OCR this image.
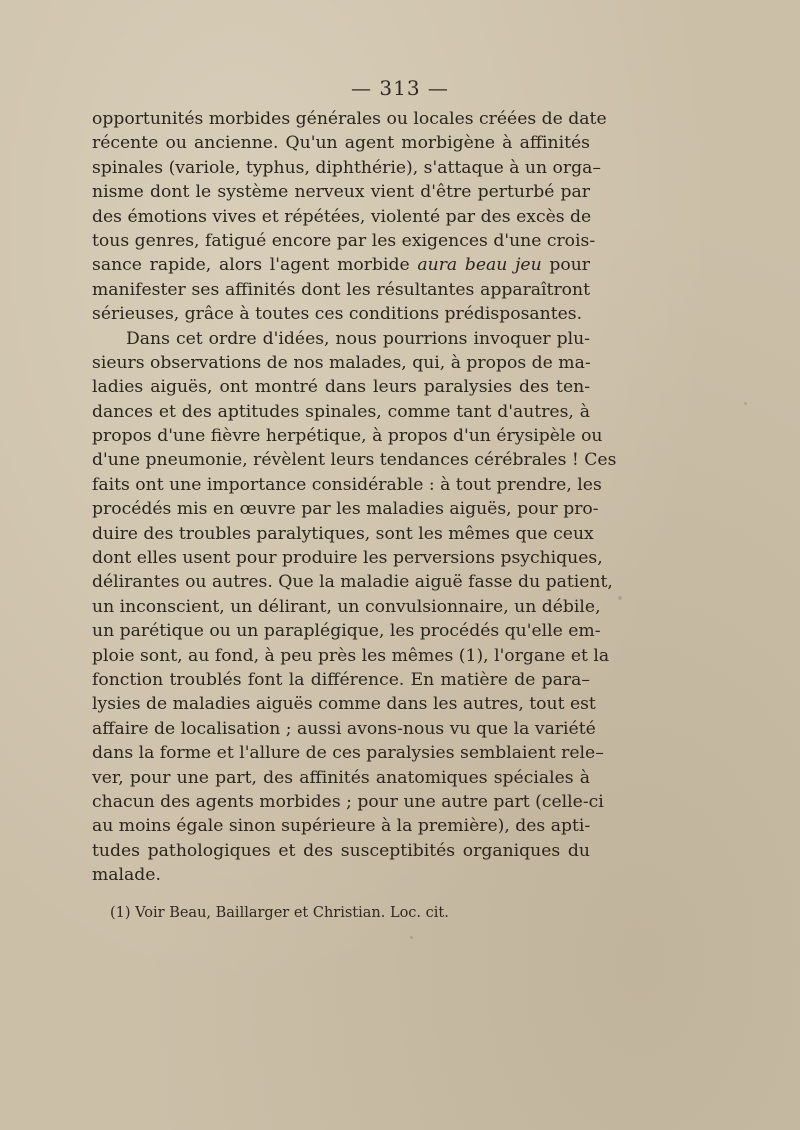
— 313 —
opportunités morbides générales ou locales créées de date
récente ou ancienne. Qu'un agent morbigène à affinités
spinales (variole, typhus, diphthérie), s'attaque à un orga–
nisme dont le système nerveux vient d'être perturbé par
des émotions vives et répétées, violenté par des excès de
tous genres, fatigué encore par les exigences d'une crois-
sance rapide, alors l'agent morbide aura beau jeu pour
manifester ses affinités dont les résultantes apparaîtront
sérieuses, grâce à toutes ces conditions prédisposantes.
Dans cet ordre d'idées, nous pourrions invoquer plu-
sieurs observations de nos malades, qui, à propos de ma-
ladies aiguës, ont montré dans leurs paralysies des ten-
dances et des aptitudes spinales, comme tant d'autres, à
propos d'une fièvre herpétique, à propos d'un érysipèle ou
d'une pneumonie, révèlent leurs tendances cérébrales ! Ces
faits ont une importance considérable : à tout prendre, les
procédés mis en œuvre par les maladies aiguës, pour pro-
duire des troubles paralytiques, sont les mêmes que ceux
dont elles usent pour produire les perversions psychiques,
délirantes ou autres. Que la maladie aiguë fasse du patient,
un inconscient, un délirant, un convulsionnaire, un débile,
un parétique ou un paraplégique, les procédés qu'elle em-
ploie sont, au fond, à peu près les mêmes (1), l'organe et la
fonction troublés font la différence. En matière de para–
lysies de maladies aiguës comme dans les autres, tout est
affaire de localisation ; aussi avons-nous vu que la variété
dans la forme et l'allure de ces paralysies semblaient rele–
ver, pour une part, des affinités anatomiques spéciales à
chacun des agents morbides ; pour une autre part (celle-ci
au moins égale sinon supérieure à la première), des apti-
tudes pathologiques et des susceptibités organiques du
malade.
(1) Voir Beau, Baillarger et Christian. Loc. cit.
